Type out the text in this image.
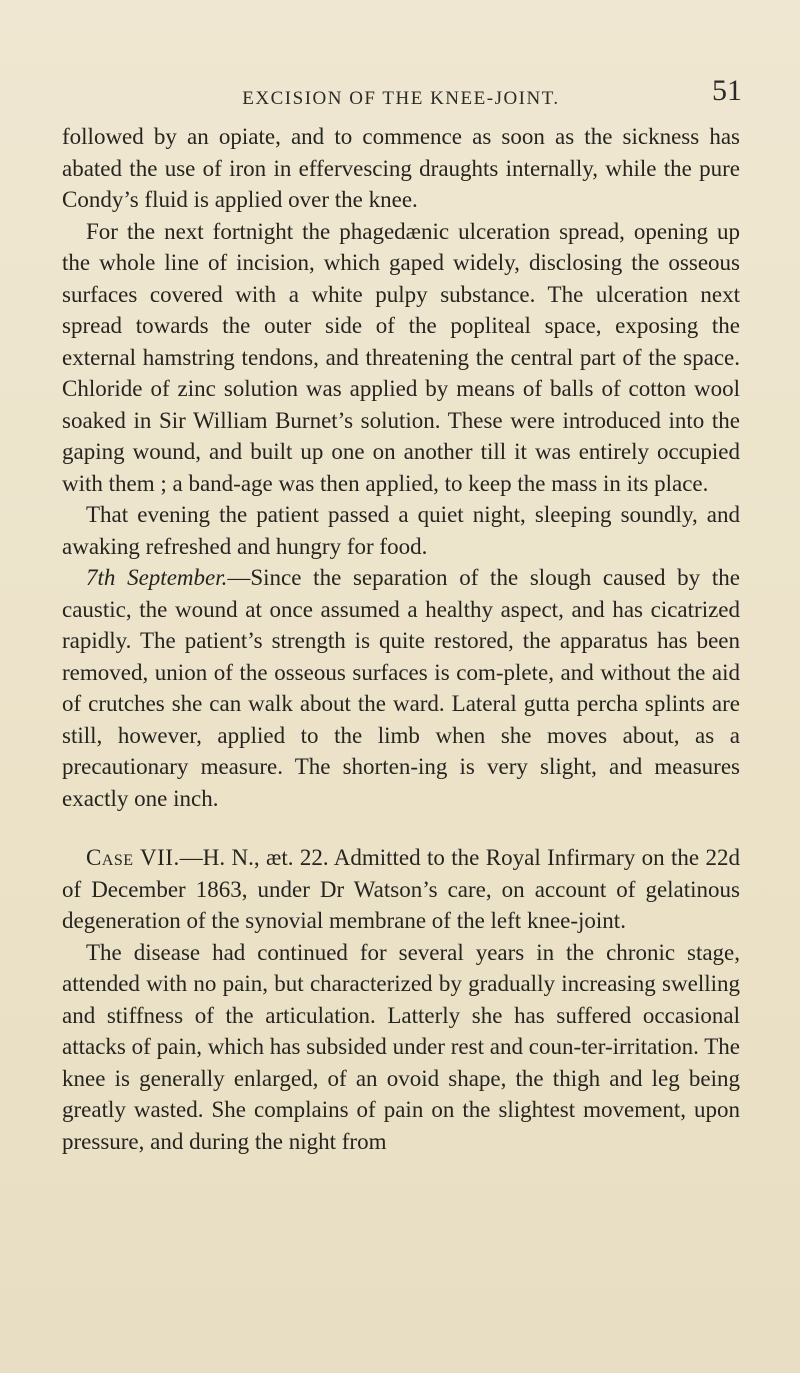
EXCISION OF THE KNEE-JOINT.	51

followed by an opiate, and to commence as soon as the sickness has abated the use of iron in effervescing draughts internally, while the pure Condy’s fluid is applied over the knee.

For the next fortnight the phagedænic ulceration spread, opening up the whole line of incision, which gaped widely, disclosing the osseous surfaces covered with a white pulpy substance. The ulceration next spread towards the outer side of the popliteal space, exposing the external hamstring tendons, and threatening the central part of the space. Chloride of zinc solution was applied by means of balls of cotton wool soaked in Sir William Burnet’s solution. These were introduced into the gaping wound, and built up one on another till it was entirely occupied with them ; a band-age was then applied, to keep the mass in its place.

That evening the patient passed a quiet night, sleeping soundly, and awaking refreshed and hungry for food.

7th September.—Since the separation of the slough caused by the caustic, the wound at once assumed a healthy aspect, and has cicatrized rapidly. The patient’s strength is quite restored, the apparatus has been removed, union of the osseous surfaces is com-plete, and without the aid of crutches she can walk about the ward. Lateral gutta percha splints are still, however, applied to the limb when she moves about, as a precautionary measure. The shorten-ing is very slight, and measures exactly one inch.

Case VII.—H. N., æt. 22. Admitted to the Royal Infirmary on the 22d of December 1863, under Dr Watson’s care, on account of gelatinous degeneration of the synovial membrane of the left knee-joint.

The disease had continued for several years in the chronic stage, attended with no pain, but characterized by gradually increasing swelling and stiffness of the articulation. Latterly she has suffered occasional attacks of pain, which has subsided under rest and coun-ter-irritation. The knee is generally enlarged, of an ovoid shape, the thigh and leg being greatly wasted. She complains of pain on the slightest movement, upon pressure, and during the night from
